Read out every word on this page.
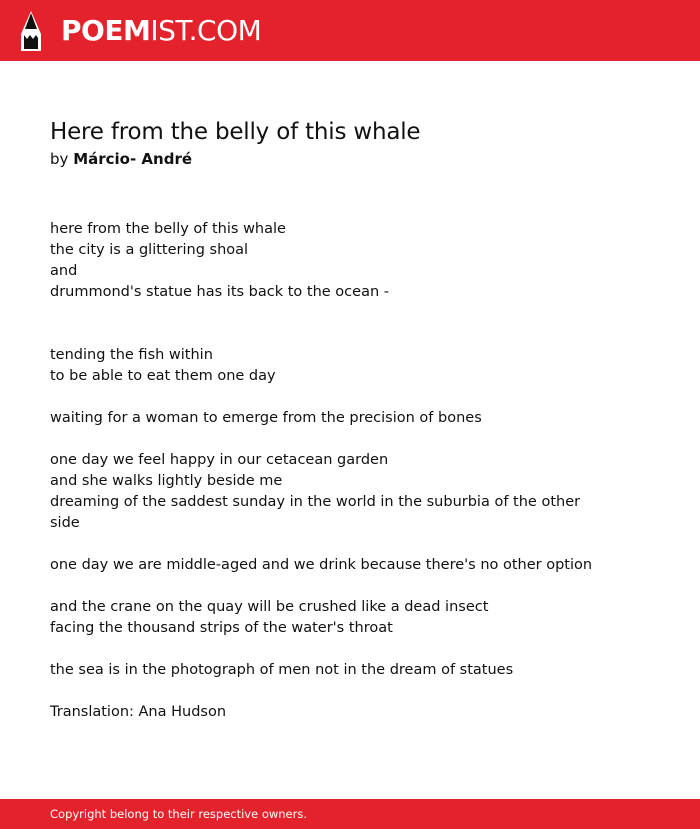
POEMIST.COM
Here from the belly of this whale
by Márcio- André
here from the belly of this whale
the city is a glittering shoal
and
drummond's statue has its back to the ocean -
tending the fish within
to be able to eat them one day
waiting for a woman to emerge from the precision of bones
one day we feel happy in our cetacean garden
and she walks lightly beside me
dreaming of the saddest sunday in the world in the suburbia of the other
side
one day we are middle-aged and we drink because there's no other option
and the crane on the quay will be crushed like a dead insect
facing the thousand strips of the water's throat
the sea is in the photograph of men not in the dream of statues
Translation: Ana Hudson
Copyright belong to their respective owners.
